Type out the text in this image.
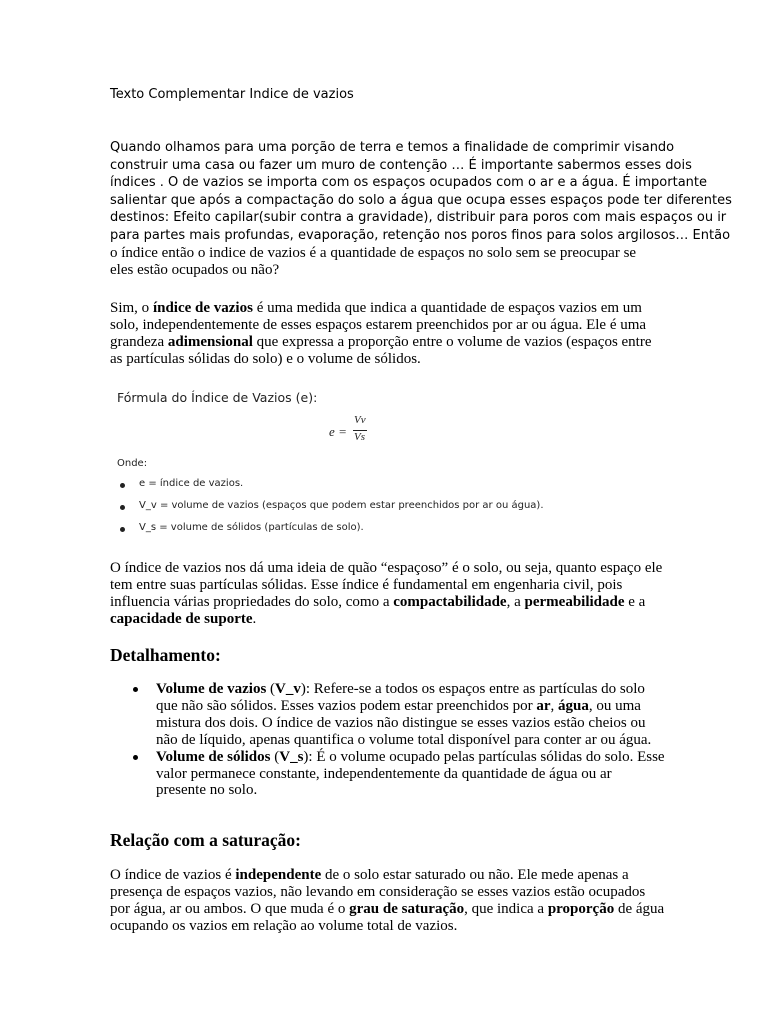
Texto Complementar Indice de vazios

Quando olhamos para uma porção de terra e temos a finalidade de comprimir visando
construir uma casa ou fazer um muro de contenção … É importante sabermos esses dois
índices . O de vazios se importa com os espaços ocupados com o ar e a água. É importante
salientar que após a compactação do solo a água que ocupa esses espaços pode ter diferentes
destinos: Efeito capilar(subir contra a gravidade), distribuir para poros com mais espaços ou ir
para partes mais profundas, evaporação, retenção nos poros finos para solos argilosos… Então
o índice então o indice de vazios é a quantidade de espaços no solo sem se preocupar se
eles estão ocupados ou não?

Sim, o índice de vazios é uma medida que indica a quantidade de espaços vazios em um solo, independentemente de esses espaços estarem preenchidos por ar ou água. Ele é uma grandeza adimensional que expressa a proporção entre o volume de vazios (espaços entre as partículas sólidas do solo) e o volume de sólidos.

Fórmula do Índice de Vazios (e):
e =
Vv
Vs
Onde:
e = índice de vazios.
V_v = volume de vazios (espaços que podem estar preenchidos por ar ou água).
V_s = volume de sólidos (partículas de solo).

O índice de vazios nos dá uma ideia de quão “espaçoso” é o solo, ou seja, quanto espaço ele tem entre suas partículas sólidas. Esse índice é fundamental em engenharia civil, pois influencia várias propriedades do solo, como a compactabilidade, a permeabilidade e a capacidade de suporte.

Detalhamento:
Volume de vazios (V_v): Refere-se a todos os espaços entre as partículas do solo que não são sólidos. Esses vazios podem estar preenchidos por ar, água, ou uma mistura dos dois. O índice de vazios não distingue se esses vazios estão cheios ou não de líquido, apenas quantifica o volume total disponível para conter ar ou água.
Volume de sólidos (V_s): É o volume ocupado pelas partículas sólidas do solo. Esse valor permanece constante, independentemente da quantidade de água ou ar presente no solo.
Relação com a saturação:

O índice de vazios é independente de o solo estar saturado ou não. Ele mede apenas a presença de espaços vazios, não levando em consideração se esses vazios estão ocupados por água, ar ou ambos. O que muda é o grau de saturação, que indica a proporção de água ocupando os vazios em relação ao volume total de vazios.
